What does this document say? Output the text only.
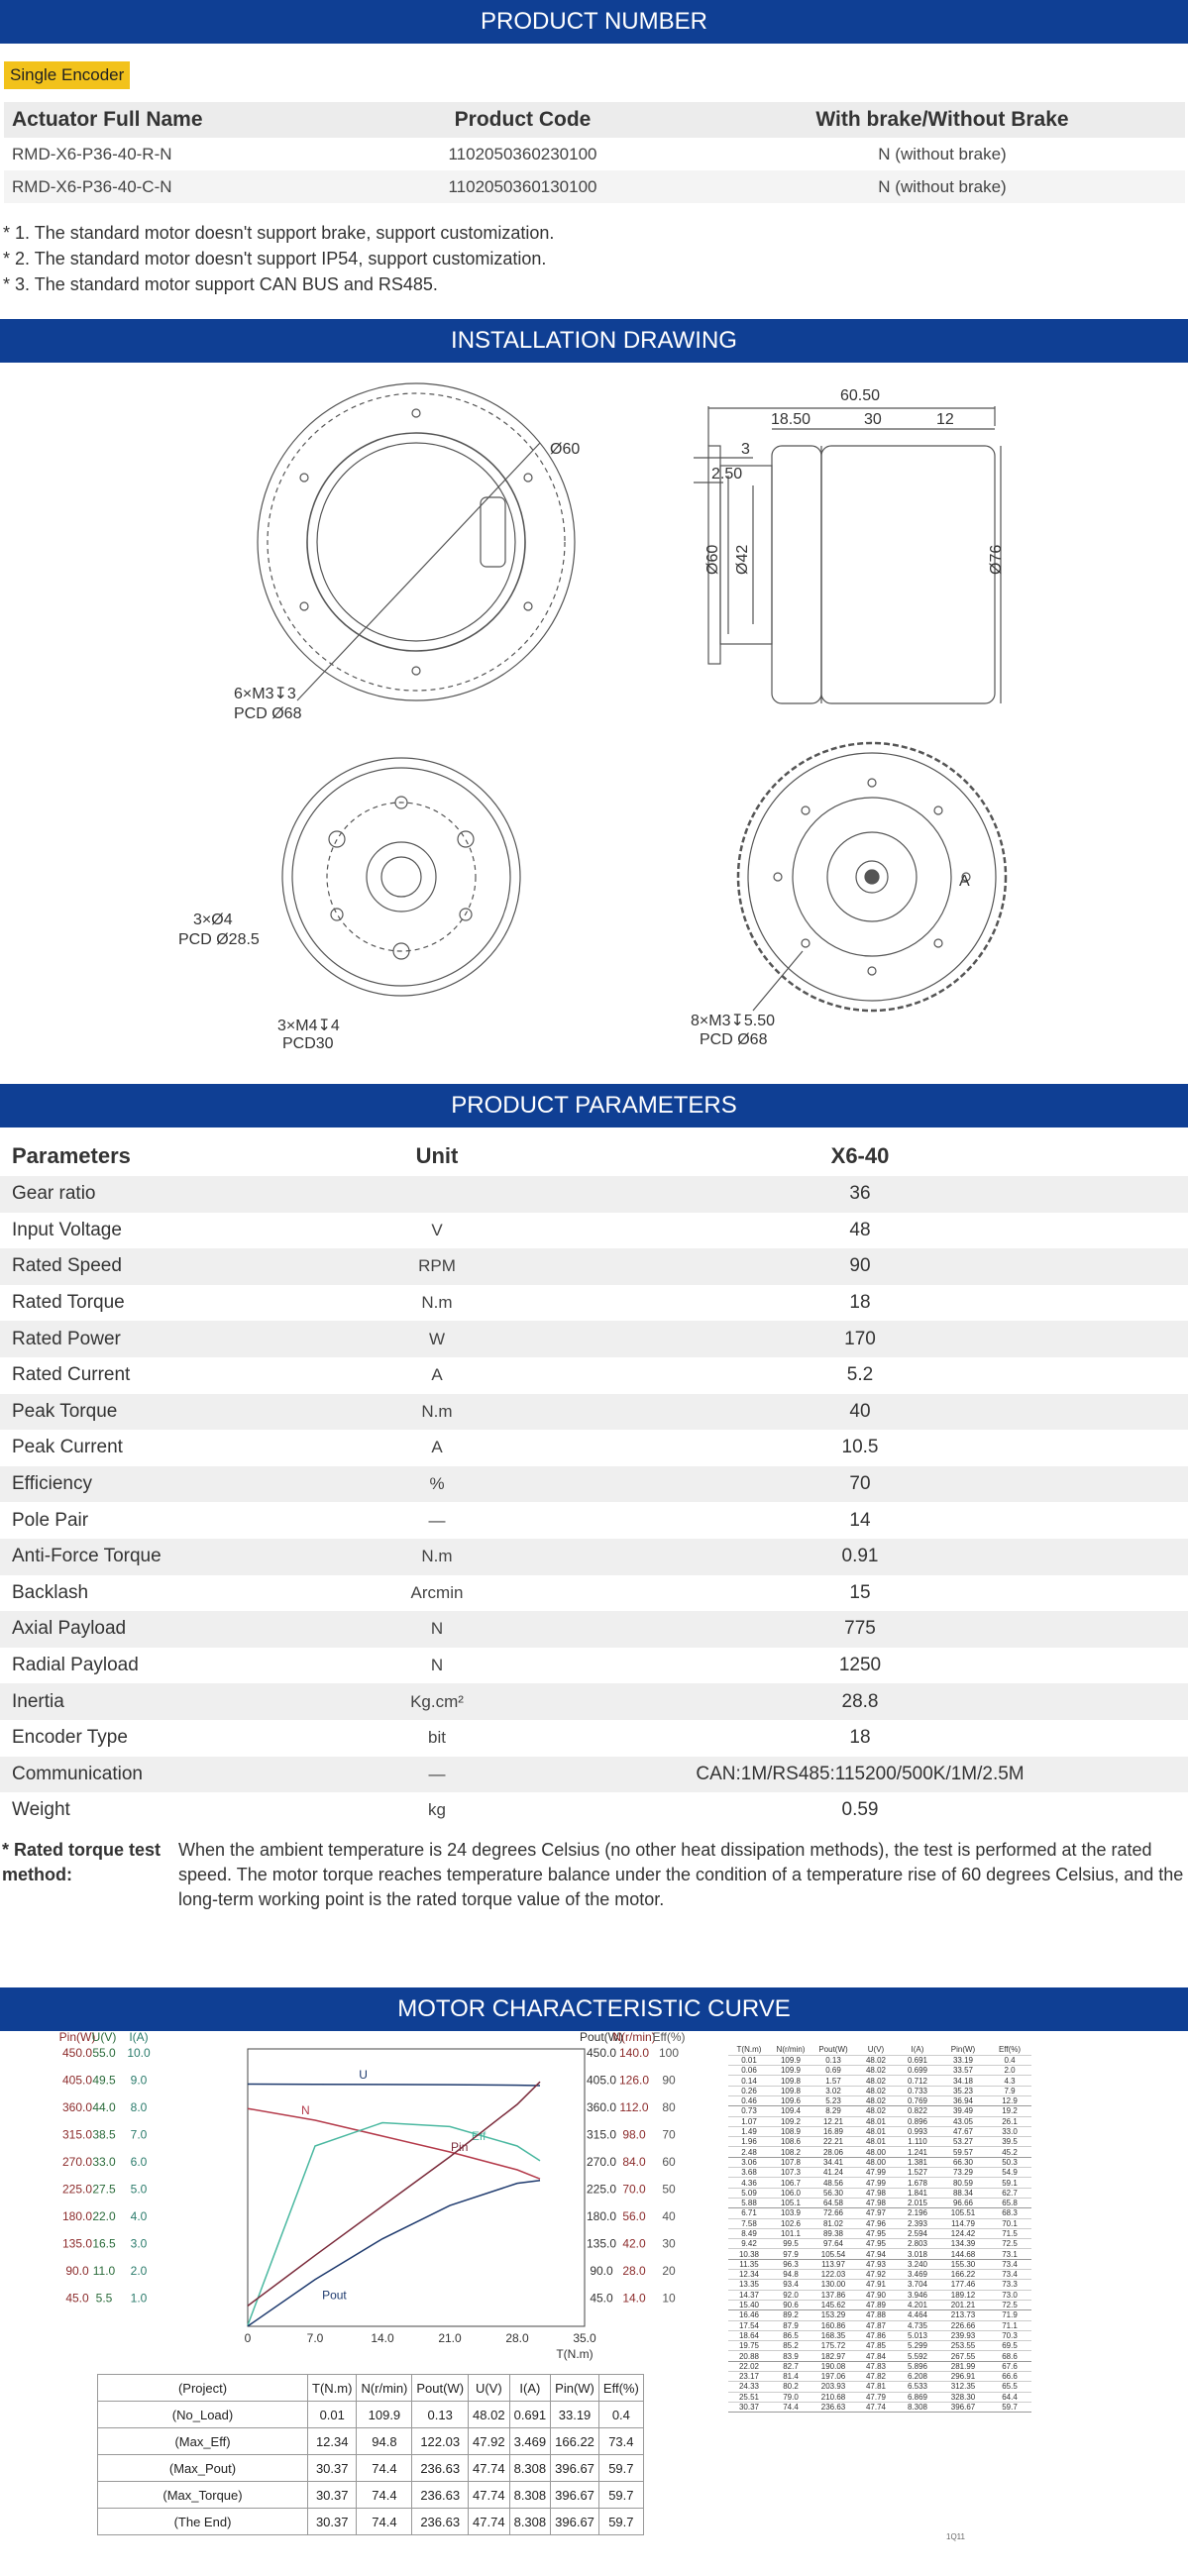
PRODUCT NUMBER
Single Encoder
Actuator Full Name	Product Code	With brake/Without Brake
RMD-X6-P36-40-R-N	1102050360230100	N (without brake)
RMD-X6-P36-40-C-N	1102050360130100	N (without brake)
* 1. The standard motor doesn't support brake, support customization.
* 2. The standard motor doesn't support IP54, support customization.
* 3. The standard motor support CAN BUS and RS485.
INSTALLATION DRAWING
Ø60
6×M3↧3
PCD Ø68
60.50
18.50	30	12
3
2.50
Ø60 Ø42	Ø76
3×Ø4
PCD Ø28.5
3×M4↧4
PCD30
8×M3↧5.50
PCD Ø68
A
PRODUCT PARAMETERS
Parameters	Unit	X6-40
Gear ratio		36
Input Voltage	V	48
Rated Speed	RPM	90
Rated Torque	N.m	18
Rated Power	W	170
Rated Current	A	5.2
Peak Torque	N.m	40
Peak Current	A	10.5
Efficiency	%	70
Pole Pair	—	14
Anti-Force Torque	N.m	0.91
Backlash	Arcmin	15
Axial Payload	N	775
Radial Payload	N	1250
Inertia	Kg.cm²	28.8
Encoder Type	bit	18
Communication	—	CAN:1M/RS485:115200/500K/1M/2.5M
Weight	kg	0.59
* Rated torque test method:
When the ambient temperature is 24 degrees Celsius (no other heat dissipation methods), the test is performed at the rated speed. The motor torque reaches temperature balance under the condition of a temperature rise of 60 degrees Celsius, and the long-term working point is the rated torque value of the motor.
MOTOR CHARACTERISTIC CURVE
Pin(W)
450.0
405.0
360.0
315.0
270.0
225.0
180.0
135.0
90.0
45.0
U(V)
55.0
49.5
44.0
38.5
33.0
27.5
22.0
16.5
11.0
5.5
I(A)
10.0
9.0
8.0
7.0
6.0
5.0
4.0
3.0
2.0
1.0
Pout(W)
450.0
405.0
360.0
315.0
270.0
225.0
180.0
135.0
90.0
45.0
N(r/min)
140.0
126.0
112.0
98.0
84.0
70.0
56.0
42.0
28.0
14.0
Eff(%)
100
90
80
70
60
50
40
30
20
10
0	7.0	14.0	21.0	28.0	35.0
T(N.m)
U
N
Eff
Pout
Pin
(Project)	T(N.m)	N(r/min)	Pout(W)	U(V)	I(A)	Pin(W)	Eff(%)
(No_Load)	0.01	109.9	0.13	48.02	0.691	33.19	0.4
(Max_Eff)	12.34	94.8	122.03	47.92	3.469	166.22	73.4
(Max_Pout)	30.37	74.4	236.63	47.74	8.308	396.67	59.7
(Max_Torque)	30.37	74.4	236.63	47.74	8.308	396.67	59.7
(The End)	30.37	74.4	236.63	47.74	8.308	396.67	59.7
T(N.m)	N(r/min)	Pout(W)	U(V)	I(A)	Pin(W)	Eff(%)
0.01	109.9	0.13	48.02	0.691	33.19	0.4
0.06	109.9	0.69	48.02	0.699	33.57	2.0
0.14	109.8	1.57	48.02	0.712	34.18	4.3
0.26	109.8	3.02	48.02	0.733	35.23	7.9
0.46	109.6	5.23	48.02	0.769	36.94	12.9
0.73	109.4	8.29	48.02	0.822	39.49	19.2
1.07	109.2	12.21	48.01	0.896	43.05	26.1
1.49	108.9	16.89	48.01	0.993	47.67	33.0
1.96	108.6	22.21	48.01	1.110	53.27	39.5
2.48	108.2	28.06	48.00	1.241	59.57	45.2
3.06	107.8	34.41	48.00	1.381	66.30	50.3
3.68	107.3	41.24	47.99	1.527	73.29	54.9
4.36	106.7	48.56	47.99	1.678	80.59	59.1
5.09	106.0	56.30	47.98	1.841	88.34	62.7
5.88	105.1	64.58	47.98	2.015	96.66	65.8
6.71	103.9	72.66	47.97	2.196	105.51	68.3
7.58	102.6	81.02	47.96	2.393	114.79	70.1
8.49	101.1	89.38	47.95	2.594	124.42	71.5
9.42	99.5	97.64	47.95	2.803	134.39	72.5
10.38	97.9	105.54	47.94	3.018	144.68	73.1
11.35	96.3	113.97	47.93	3.240	155.30	73.4
12.34	94.8	122.03	47.92	3.469	166.22	73.4
13.35	93.4	130.00	47.91	3.704	177.46	73.3
14.37	92.0	137.86	47.90	3.946	189.12	73.0
15.40	90.6	145.62	47.89	4.201	201.21	72.5
16.46	89.2	153.29	47.88	4.464	213.73	71.9
17.54	87.9	160.86	47.87	4.735	226.66	71.1
18.64	86.5	168.35	47.86	5.013	239.93	70.3
19.75	85.2	175.72	47.85	5.299	253.55	69.5
20.88	83.9	182.97	47.84	5.592	267.55	68.6
22.02	82.7	190.08	47.83	5.896	281.99	67.6
23.17	81.4	197.06	47.82	6.208	296.91	66.6
24.33	80.2	203.93	47.81	6.533	312.35	65.5
25.51	79.0	210.68	47.79	6.869	328.30	64.4
30.37	74.4	236.63	47.74	8.308	396.67	59.7
1Q11
